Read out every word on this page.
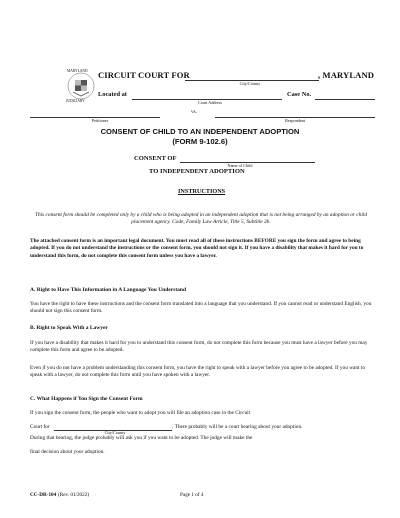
MARYLAND
JUDICIARY
CIRCUIT COURT FOR	, MARYLAND
City/County
Located at
Court Address
Case No.
vs.
Petitioner	Respondent
CONSENT OF CHILD TO AN INDEPENDENT ADOPTION
(FORM 9-102.6)
CONSENT OF
Name of Child
TO INDEPENDENT ADOPTION
INSTRUCTIONS
This consent form should be completed only by a child who is being adopted in an independent adoption that is not being arranged by an adoption or child placement agency. Code, Family Law Article, Title 5, Subtitle 3b.
The attached consent form is an important legal document. You must read all of these instructions BEFORE you sign the form and agree to being adopted. If you do not understand the instructions or the consent form, you should not sign it. If you have a disability that makes it hard for you to understand this form, do not complete this consent form unless you have a lawyer.
A. Right to Have This Information in A Language You Understand
You have the right to have these instructions and the consent form translated into a language that you understand. If you cannot read or understand English, you should not sign this consent form.
B. Right to Speak With a Lawyer
If you have a disability that makes it hard for you to understand this consent form, do not complete this form because you must have a lawyer before you may complete this form and agree to be adopted.
Even if you do not have a problem understanding this consent form, you have the right to speak with a lawyer before you agree to be adopted. If you want to speak with a lawyer, do not complete this form until you have spoken with a lawyer.
C. What Happens if You Sign the Consent Form
If you sign the consent form, the people who want to adopt you will file an adoption case in the Circuit
Court for	. There probably will be a court hearing about your adoption.
City/County
During that hearing, the judge probably will ask you if you want to be adopted. The judge will make the
final decision about your adoption.
CC-DR-104 (Rev. 01/2022)	Page 1 of 4
